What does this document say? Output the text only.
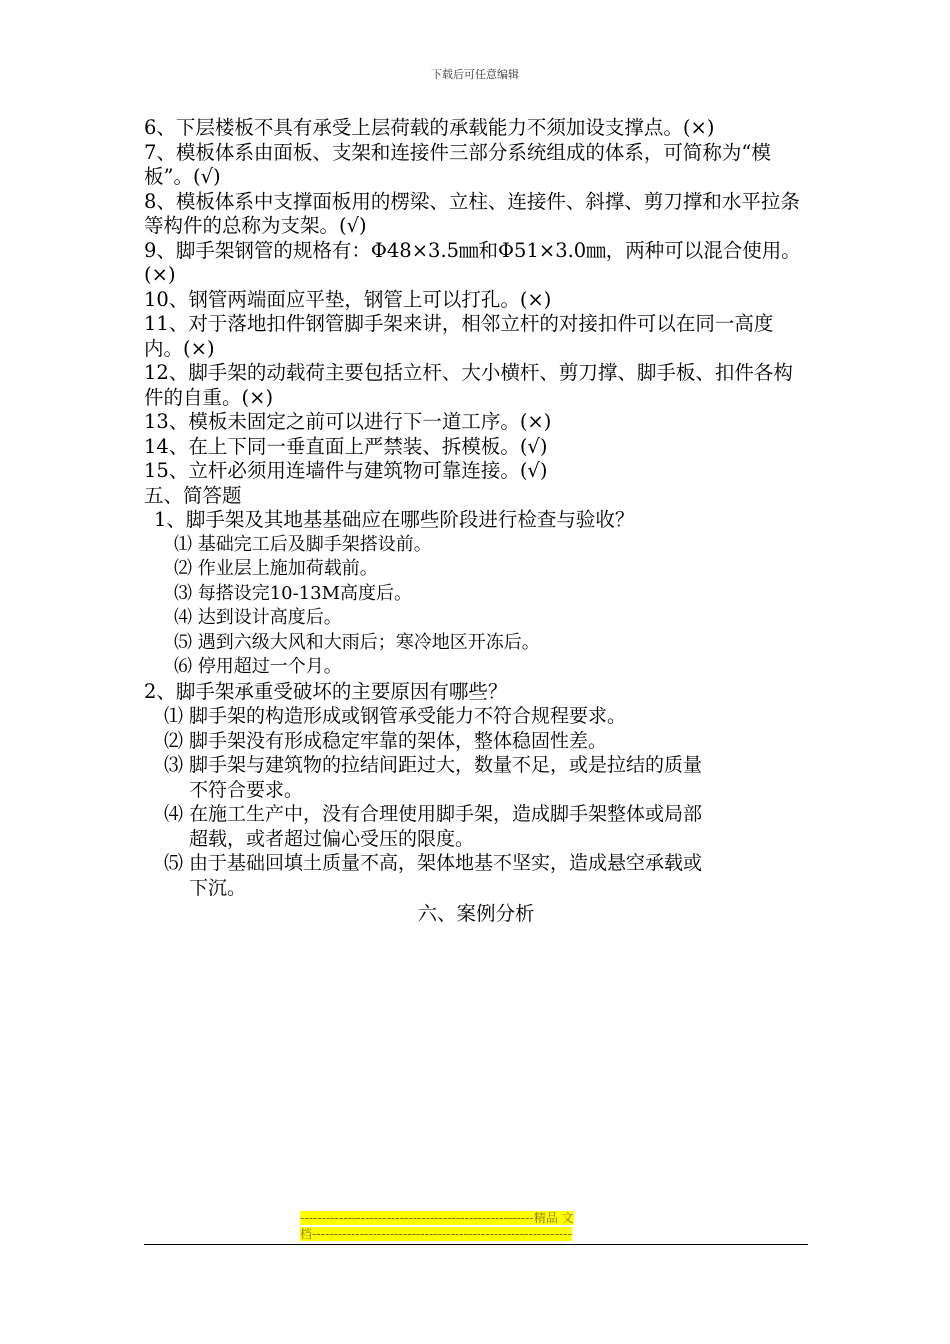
下载后可任意编辑

6、下层楼板不具有承受上层荷载的承载能力不须加设支撑点。(×)

7、模板体系由面板、支架和连接件三部分系统组成的体系，可简称为“模板”。(√)

8、模板体系中支撑面板用的楞梁、立柱、连接件、斜撑、剪刀撑和水平拉条等构件的总称为支架。(√)

9、脚手架钢管的规格有：Φ48×3.5㎜和Φ51×3.0㎜，两种可以混合使用。(×)

10、钢管两端面应平垫，钢管上可以打孔。(×)

11、对于落地扣件钢管脚手架来讲，相邻立杆的对接扣件可以在同一高度内。(×)

12、脚手架的动载荷主要包括立杆、大小横杆、剪刀撑、脚手板、扣件各构件的自重。(×)

13、模板未固定之前可以进行下一道工序。(×)

14、在上下同一垂直面上严禁装、拆模板。(√)

15、立杆必须用连墙件与建筑物可靠连接。(√)

五、简答题

1、脚手架及其地基基础应在哪些阶段进行检查与验收？

⑴ 基础完工后及脚手架搭设前。

⑵ 作业层上施加荷载前。

⑶ 每搭设完10-13M高度后。

⑷ 达到设计高度后。

⑸ 遇到六级大风和大雨后；寒冷地区开冻后。

⑹ 停用超过一个月。

2、脚手架承重受破坏的主要原因有哪些？

⑴ 脚手架的构造形成或钢管承受能力不符合规程要求。

⑵ 脚手架没有形成稳定牢靠的架体，整体稳固性差。

⑶ 脚手架与建筑物的拉结间距过大，数量不足，或是拉结的质量
不符合要求。

⑷ 在施工生产中，没有合理使用脚手架，造成脚手架整体或局部
超载，或者超过偏心受压的限度。

⑸ 由于基础回填土质量不高，架体地基不坚实，造成悬空承载或
下沉。

六、案例分析

------------------------------------------------------精品 文
档------------------------------------------------------------
